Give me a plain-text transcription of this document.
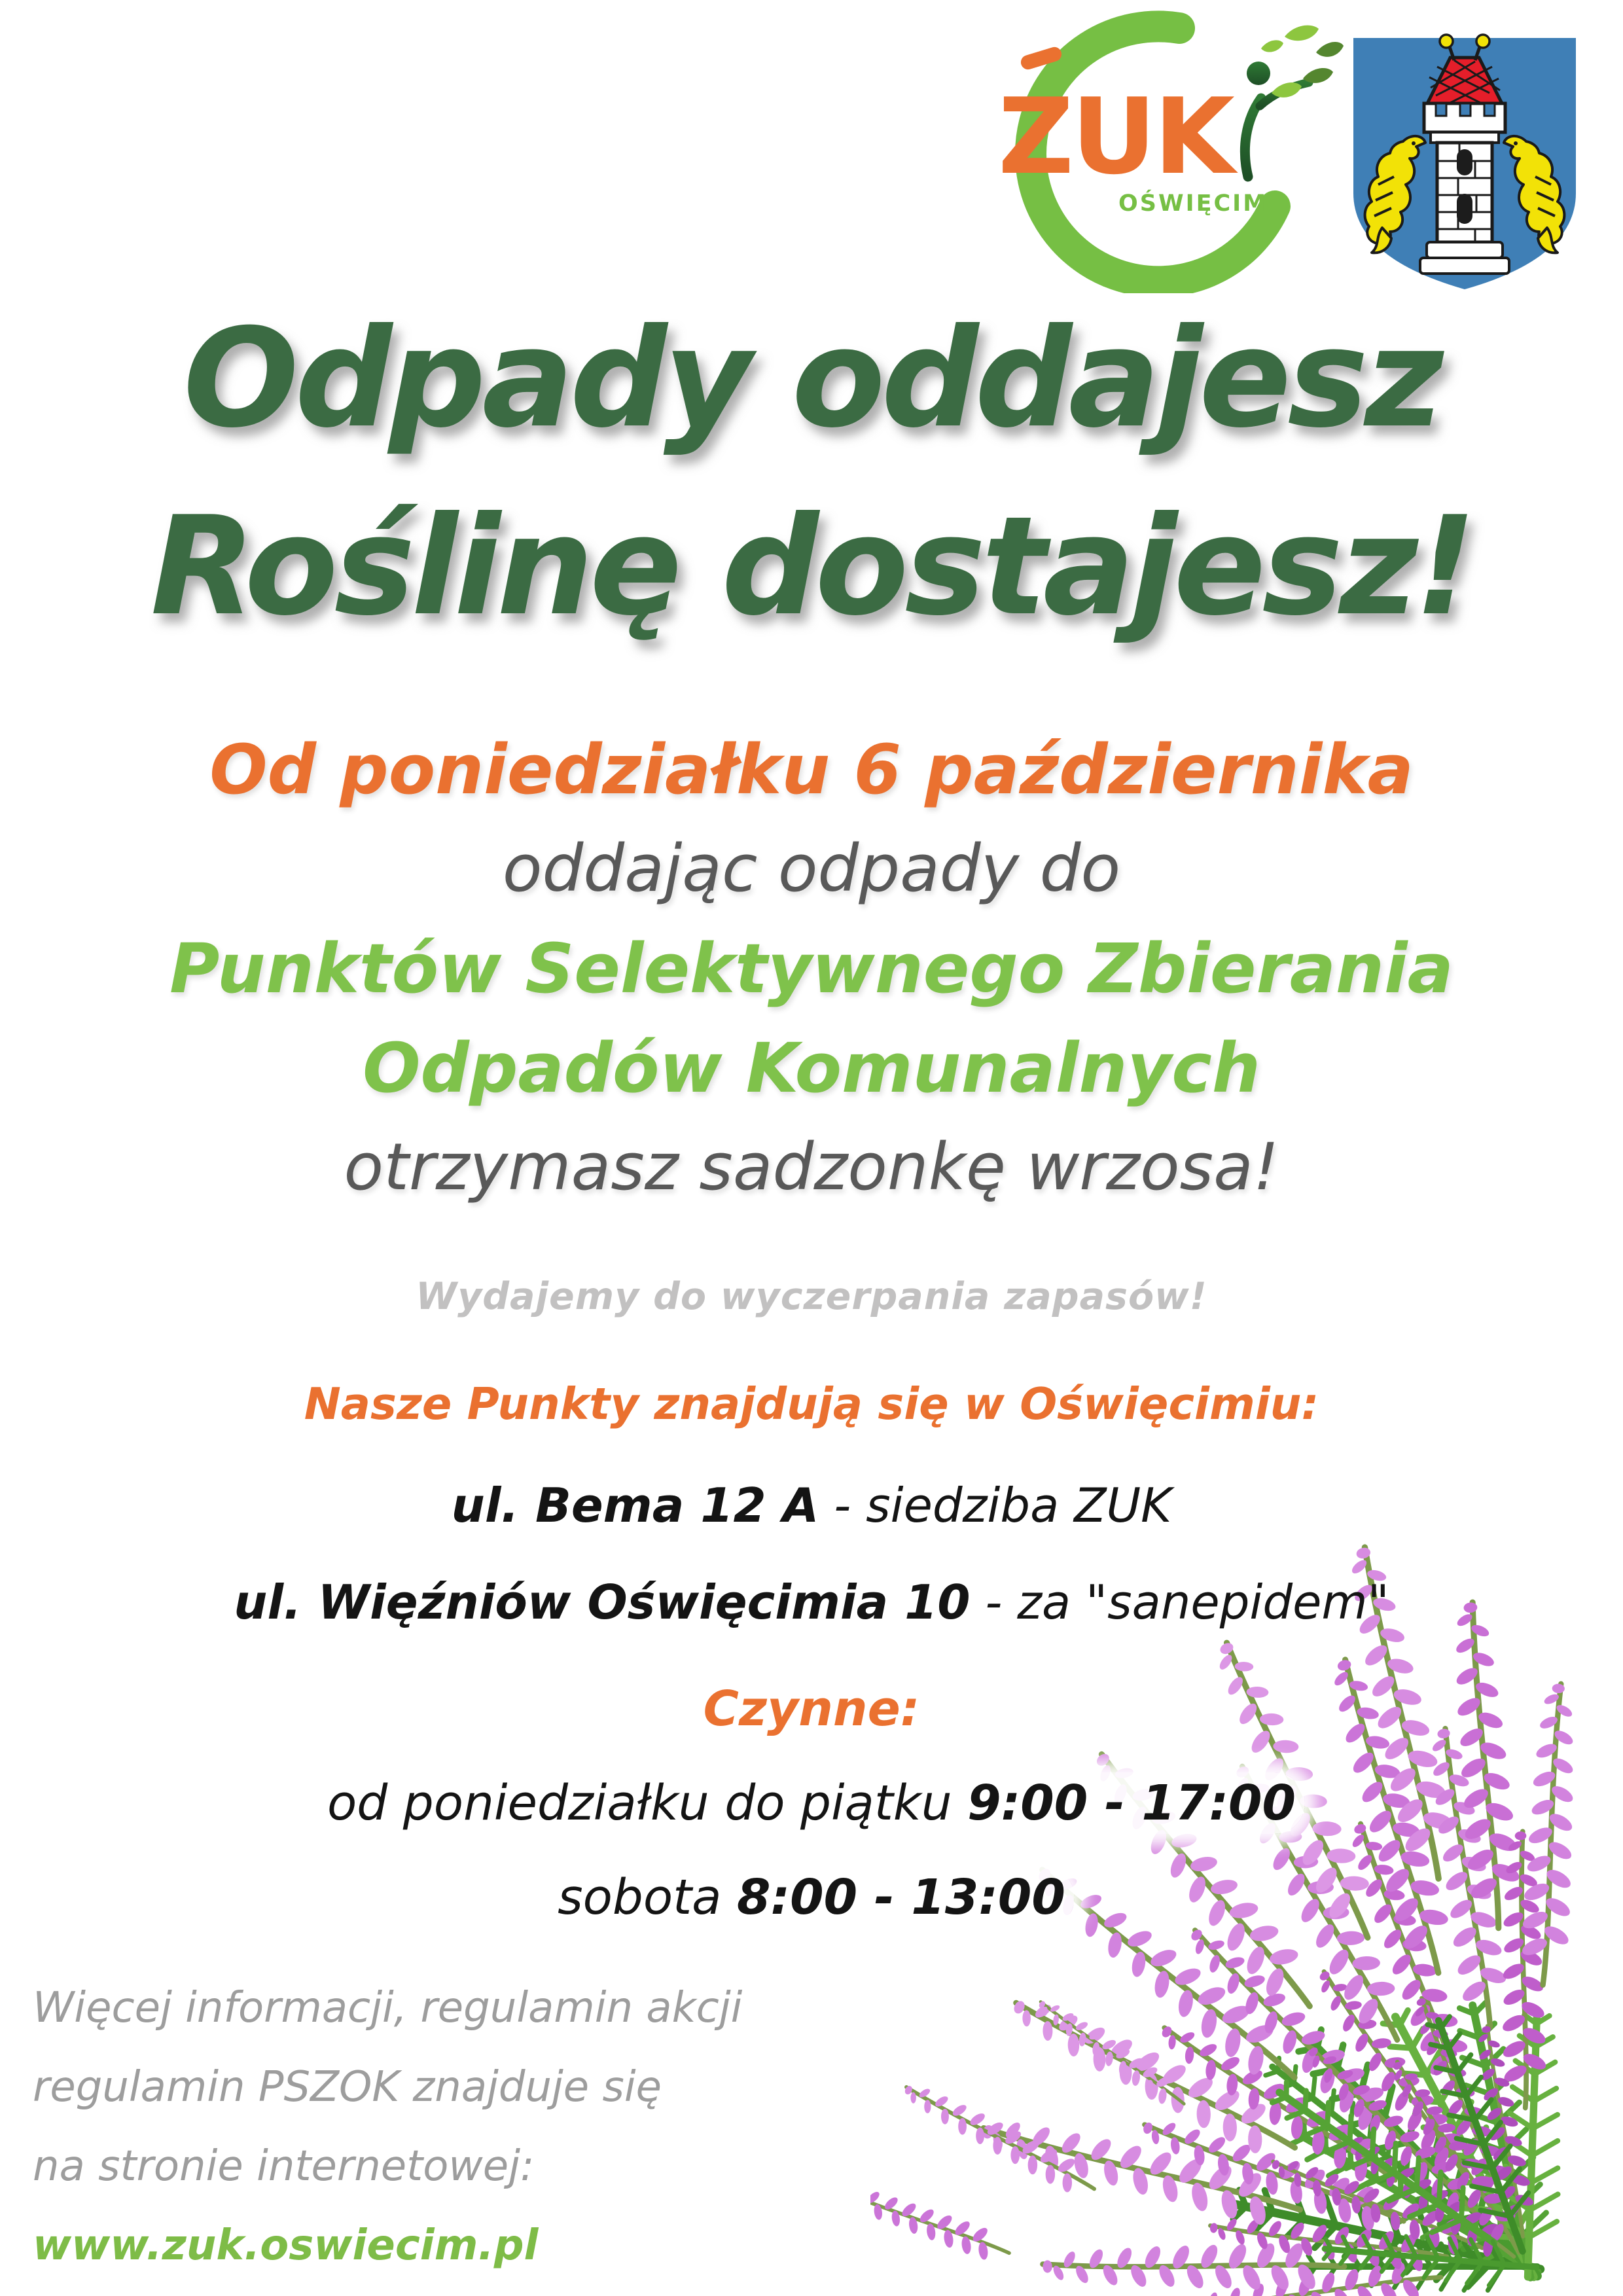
ZUK
OŚWIĘCIM
Odpady oddajesz
Roślinę dostajesz!
Od poniedziałku 6 października
oddając odpady do
Punktów Selektywnego Zbierania
Odpadów Komunalnych
otrzymasz sadzonkę wrzosa!
Wydajemy do wyczerpania zapasów!
Nasze Punkty znajdują się w Oświęcimiu:
ul. Bema 12 A - siedziba ZUK
ul. Więźniów Oświęcimia 10 - za "sanepidem"
Czynne:
od poniedziałku do piątku 9:00 - 17:00
sobota 8:00 - 13:00
Więcej informacji, regulamin akcji
regulamin PSZOK znajduje się
na stronie internetowej:
www.zuk.oswiecim.pl
